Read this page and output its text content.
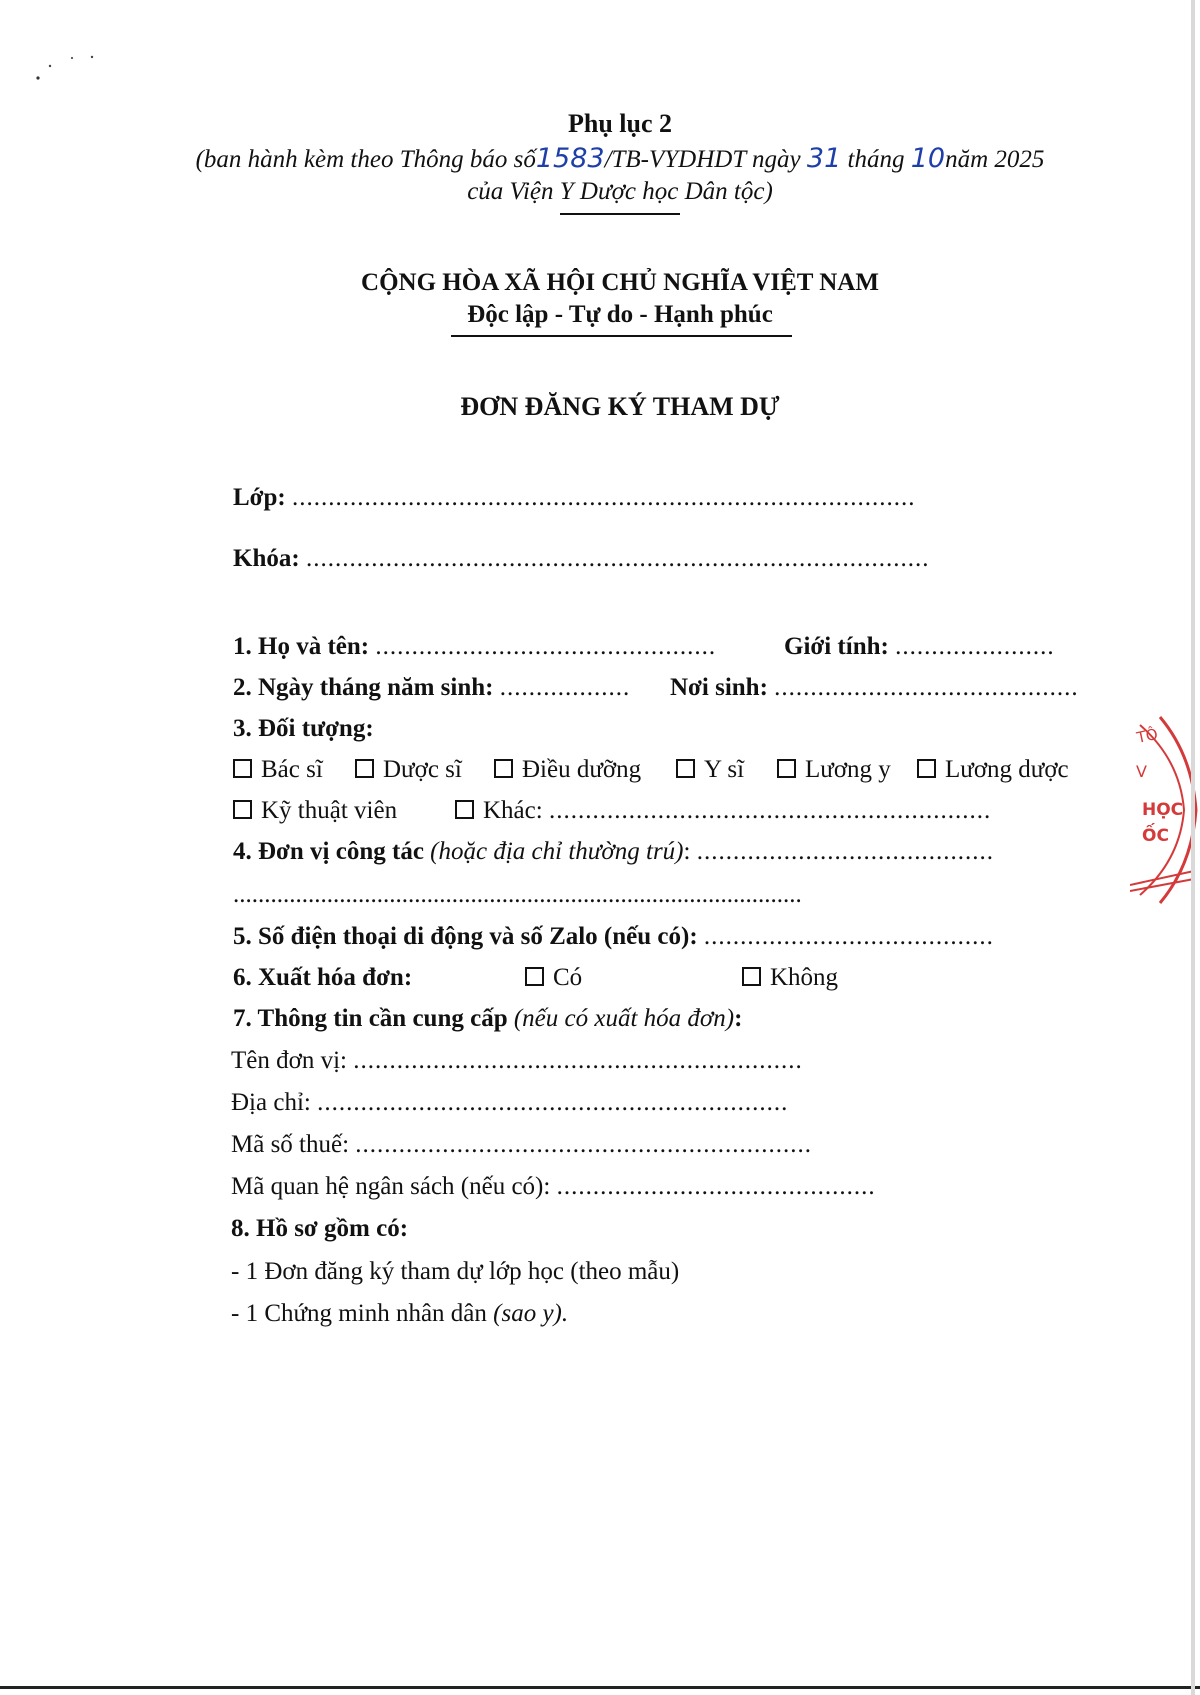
Phụ lục 2
(ban hành kèm theo Thông báo số1583/TB-VYDHDT ngày 31 tháng 10năm 2025
của Viện Y Dược học Dân tộc)
CỘNG HÒA XÃ HỘI CHỦ NGHĨA VIỆT NAM
Độc lập - Tự do - Hạnh phúc
ĐƠN ĐĂNG KÝ THAM DỰ
Lớp: ......................................................................................
Khóa: ......................................................................................
1. Họ và tên: ...............................................	Giới tính: ......................
2. Ngày tháng năm sinh: .................. Nơi sinh: ..........................................
3. Đối tượng:
Bác sĩ	Dược sĩ	Điều dưỡng	Y sĩ	Lương y	Lương dược
Kỹ thuật viên	Khác: .............................................................
4. Đơn vị công tác (hoặc địa chỉ thường trú): .........................................
...........................................................................................
5. Số điện thoại di động và số Zalo (nếu có): ........................................
6. Xuất hóa đơn:	Có	Không
7. Thông tin cần cung cấp (nếu có xuất hóa đơn):
Tên đơn vị: ..............................................................
Địa chỉ: .................................................................
Mã số thuế: ...............................................................
Mã quan hệ ngân sách (nếu có): ............................................
8. Hồ sơ gồm có:
- 1 Đơn đăng ký tham dự lớp học (theo mẫu)
- 1 Chứng minh nhân dân (sao y).
ТÔ
V
HỌC
ỐC
